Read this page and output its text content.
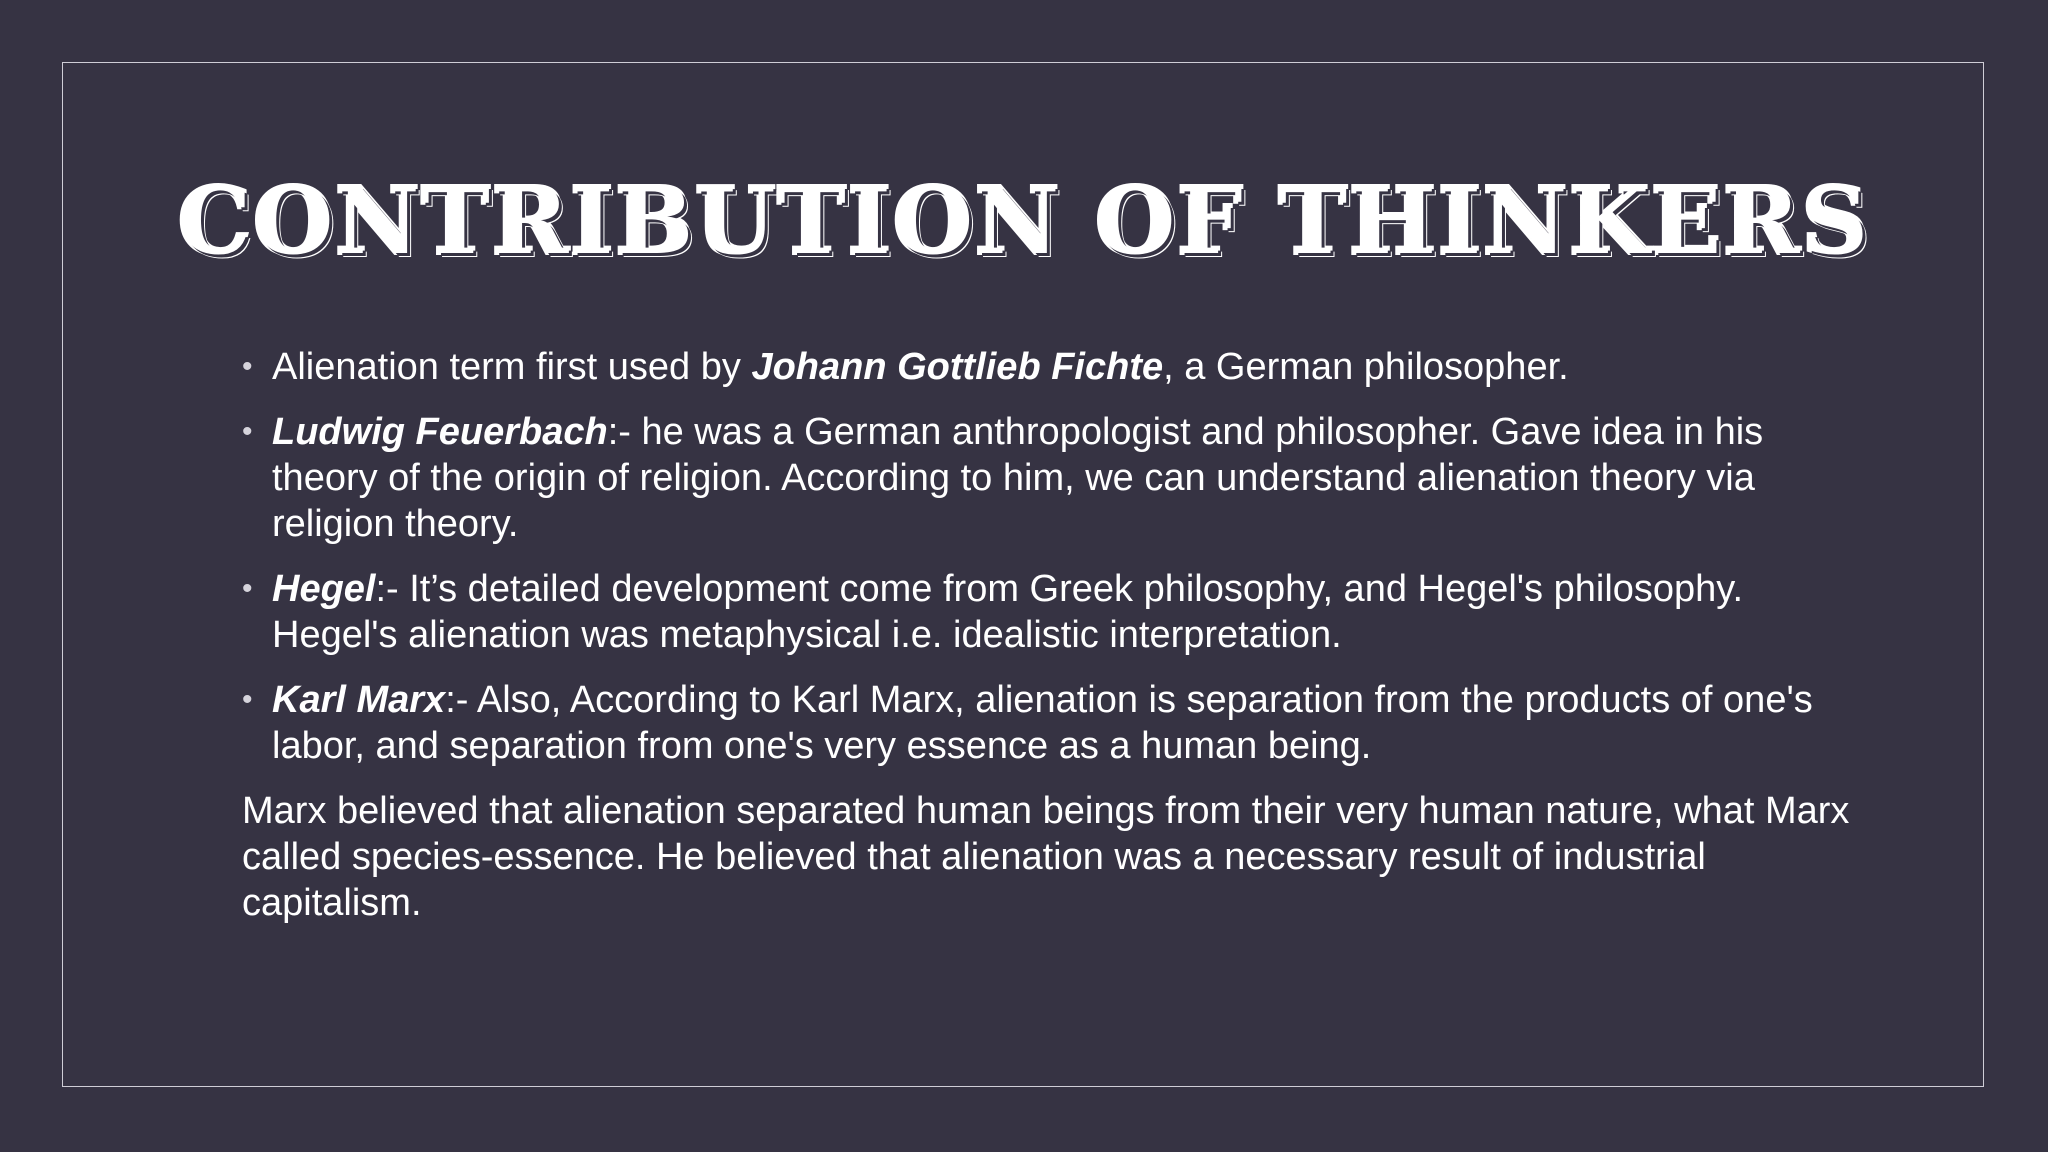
CONTRIBUTION OF THINKERS
• Alienation term first used by Johann Gottlieb Fichte, a German philosopher.
• Ludwig Feuerbach:- he was a German anthropologist and philosopher. Gave idea in his theory of the origin of religion. According to him, we can understand alienation theory via religion theory.
• Hegel:- It’s detailed development come from Greek philosophy, and Hegel's philosophy. Hegel's alienation was metaphysical i.e. idealistic interpretation.
• Karl Marx:- Also, According to Karl Marx, alienation is separation from the products of one's labor, and separation from one's very essence as a human being.

Marx believed that alienation separated human beings from their very human nature, what Marx called species-essence. He believed that alienation was a necessary result of industrial capitalism.
